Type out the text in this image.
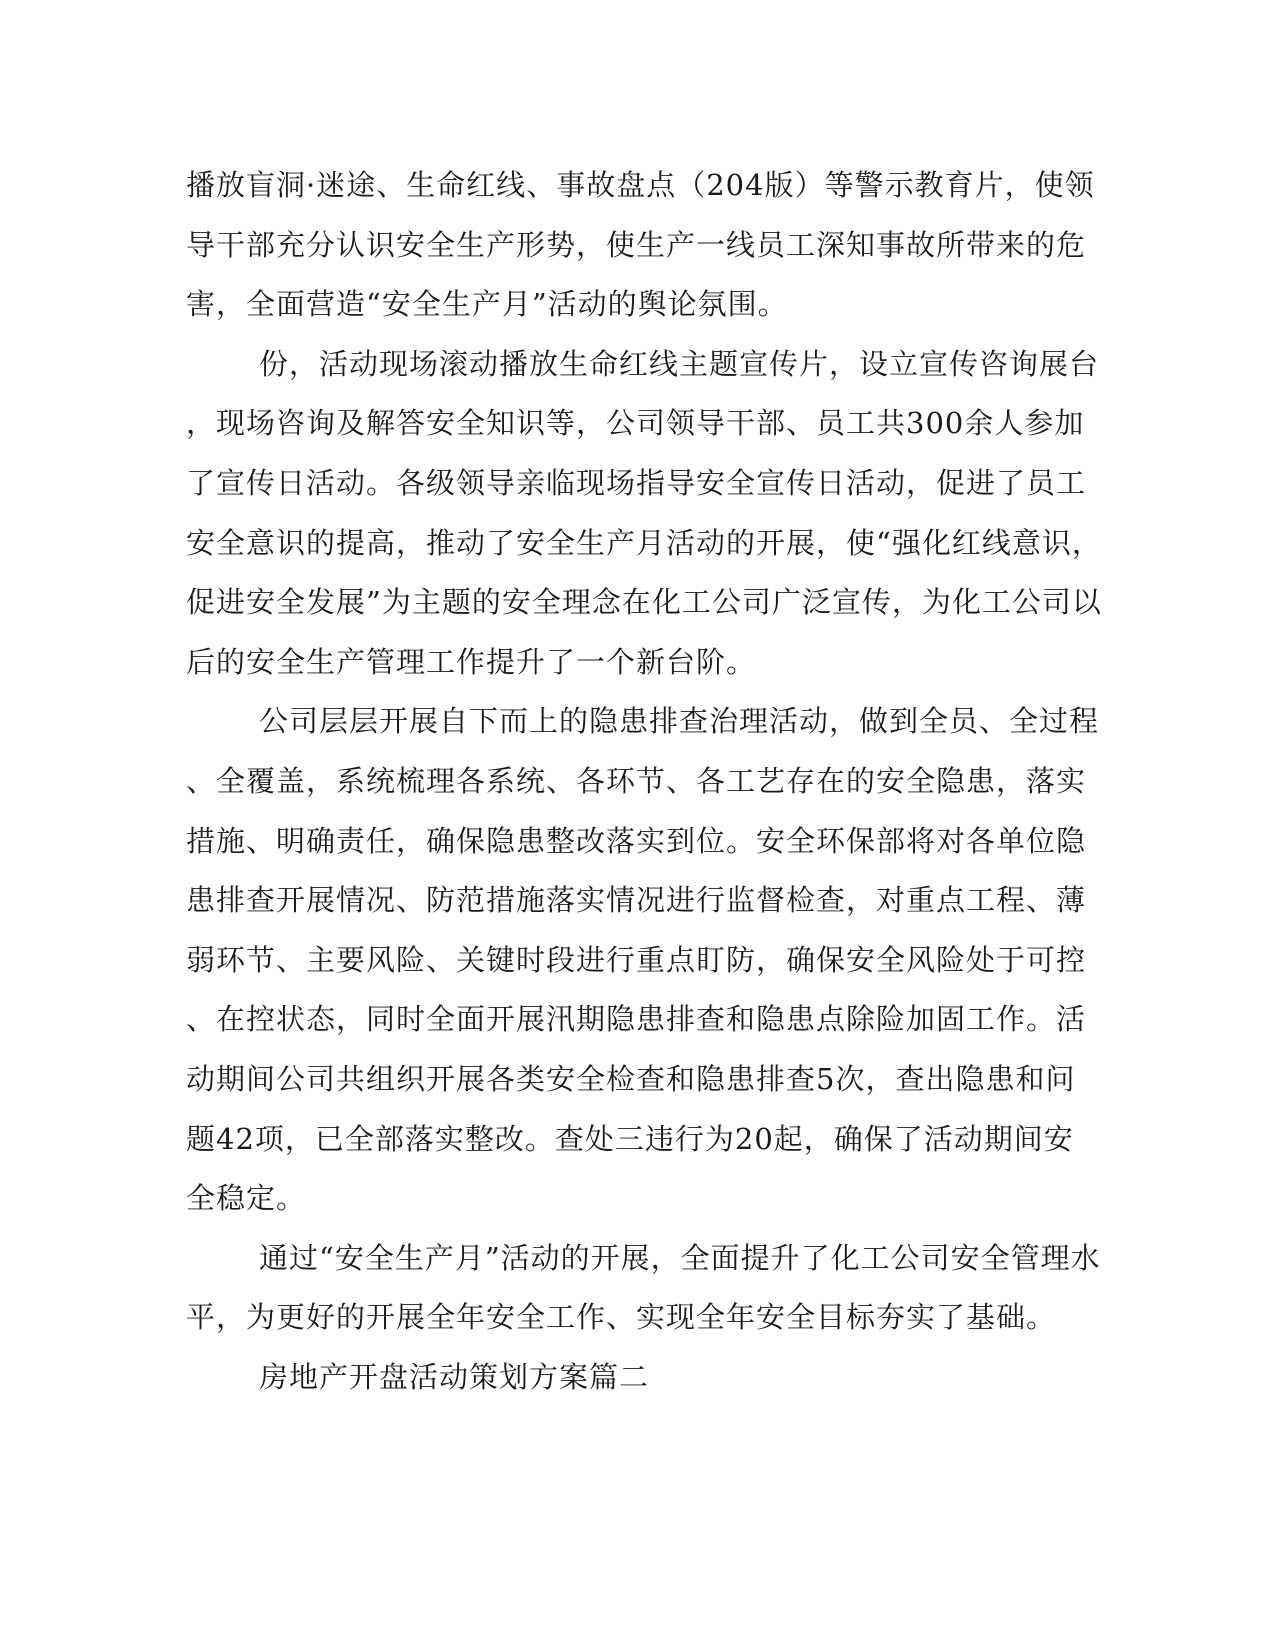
播放盲洞·迷途、生命红线、事故盘点（204版）等警示教育片，使领
导干部充分认识安全生产形势，使生产一线员工深知事故所带来的危
害，全面营造“安全生产月”活动的舆论氛围。
份，活动现场滚动播放生命红线主题宣传片，设立宣传咨询展台
，现场咨询及解答安全知识等，公司领导干部、员工共300余人参加
了宣传日活动。各级领导亲临现场指导安全宣传日活动，促进了员工
安全意识的提高，推动了安全生产月活动的开展，使“强化红线意识，
促进安全发展”为主题的安全理念在化工公司广泛宣传，为化工公司以
后的安全生产管理工作提升了一个新台阶。
公司层层开展自下而上的隐患排查治理活动，做到全员、全过程
、全覆盖，系统梳理各系统、各环节、各工艺存在的安全隐患，落实
措施、明确责任，确保隐患整改落实到位。安全环保部将对各单位隐
患排查开展情况、防范措施落实情况进行监督检查，对重点工程、薄
弱环节、主要风险、关键时段进行重点盯防，确保安全风险处于可控
、在控状态，同时全面开展汛期隐患排查和隐患点除险加固工作。活
动期间公司共组织开展各类安全检查和隐患排查5次，查出隐患和问
题42项，已全部落实整改。查处三违行为20起，确保了活动期间安
全稳定。
通过“安全生产月”活动的开展，全面提升了化工公司安全管理水
平，为更好的开展全年安全工作、实现全年安全目标夯实了基础。
房地产开盘活动策划方案篇二
